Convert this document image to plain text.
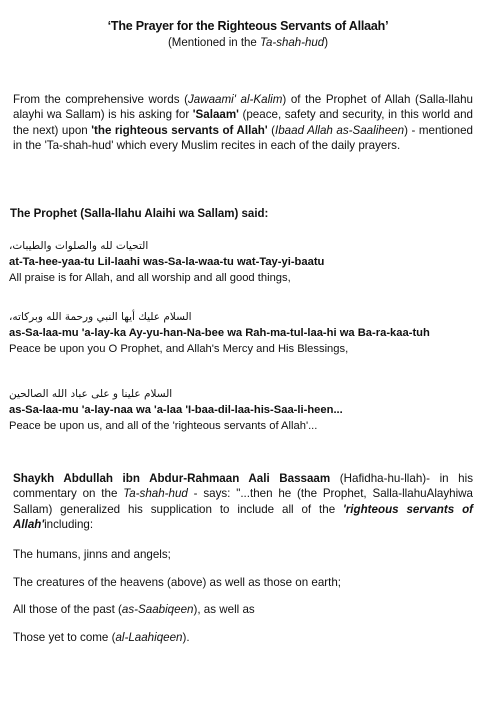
‘The Prayer for the Righteous Servants of Allaah’
(Mentioned in the Ta-shah-hud)
From the comprehensive words (Jawaami' al-Kalim) of the Prophet of Allah (Salla-llahu alayhi wa Sallam) is his asking for 'Salaam' (peace, safety and security, in this world and the next) upon 'the righteous servants of Allah' (Ibaad Allah as-Saaliheen) - mentioned in the 'Ta-shah-hud' which every Muslim recites in each of the daily prayers.
The Prophet (Salla-llahu Alaihi wa Sallam) said:
التحيات لله والصلوات والطيبات،
at-Ta-hee-yaa-tu Lil-laahi was-Sa-la-waa-tu wat-Tay-yi-baatu
All praise is for Allah, and all worship and all good things,
السلام عليك أيها النبي ورحمة الله وبركاته،
as-Sa-laa-mu 'a-lay-ka Ay-yu-han-Na-bee wa Rah-ma-tul-laa-hi wa Ba-ra-kaa-tuh
Peace be upon you O Prophet, and Allah's Mercy and His Blessings,
السلام علينا و على عباد الله الصالحين
as-Sa-laa-mu 'a-lay-naa wa 'a-laa 'I-baa-dil-laa-his-Saa-li-heen...
Peace be upon us, and all of the 'righteous servants of Allah'...
Shaykh Abdullah ibn Abdur-Rahmaan Aali Bassaam (Hafidha-hu-llah)- in his commentary on the Ta-shah-hud - says: "...then he (the Prophet, Salla-llahuAlayhiwa Sallam) generalized his supplication to include all of the 'righteous servants of Allah'including:
The humans, jinns and angels;
The creatures of the heavens (above) as well as those on earth;
All those of the past (as-Saabiqeen), as well as
Those yet to come (al-Laahiqeen).
